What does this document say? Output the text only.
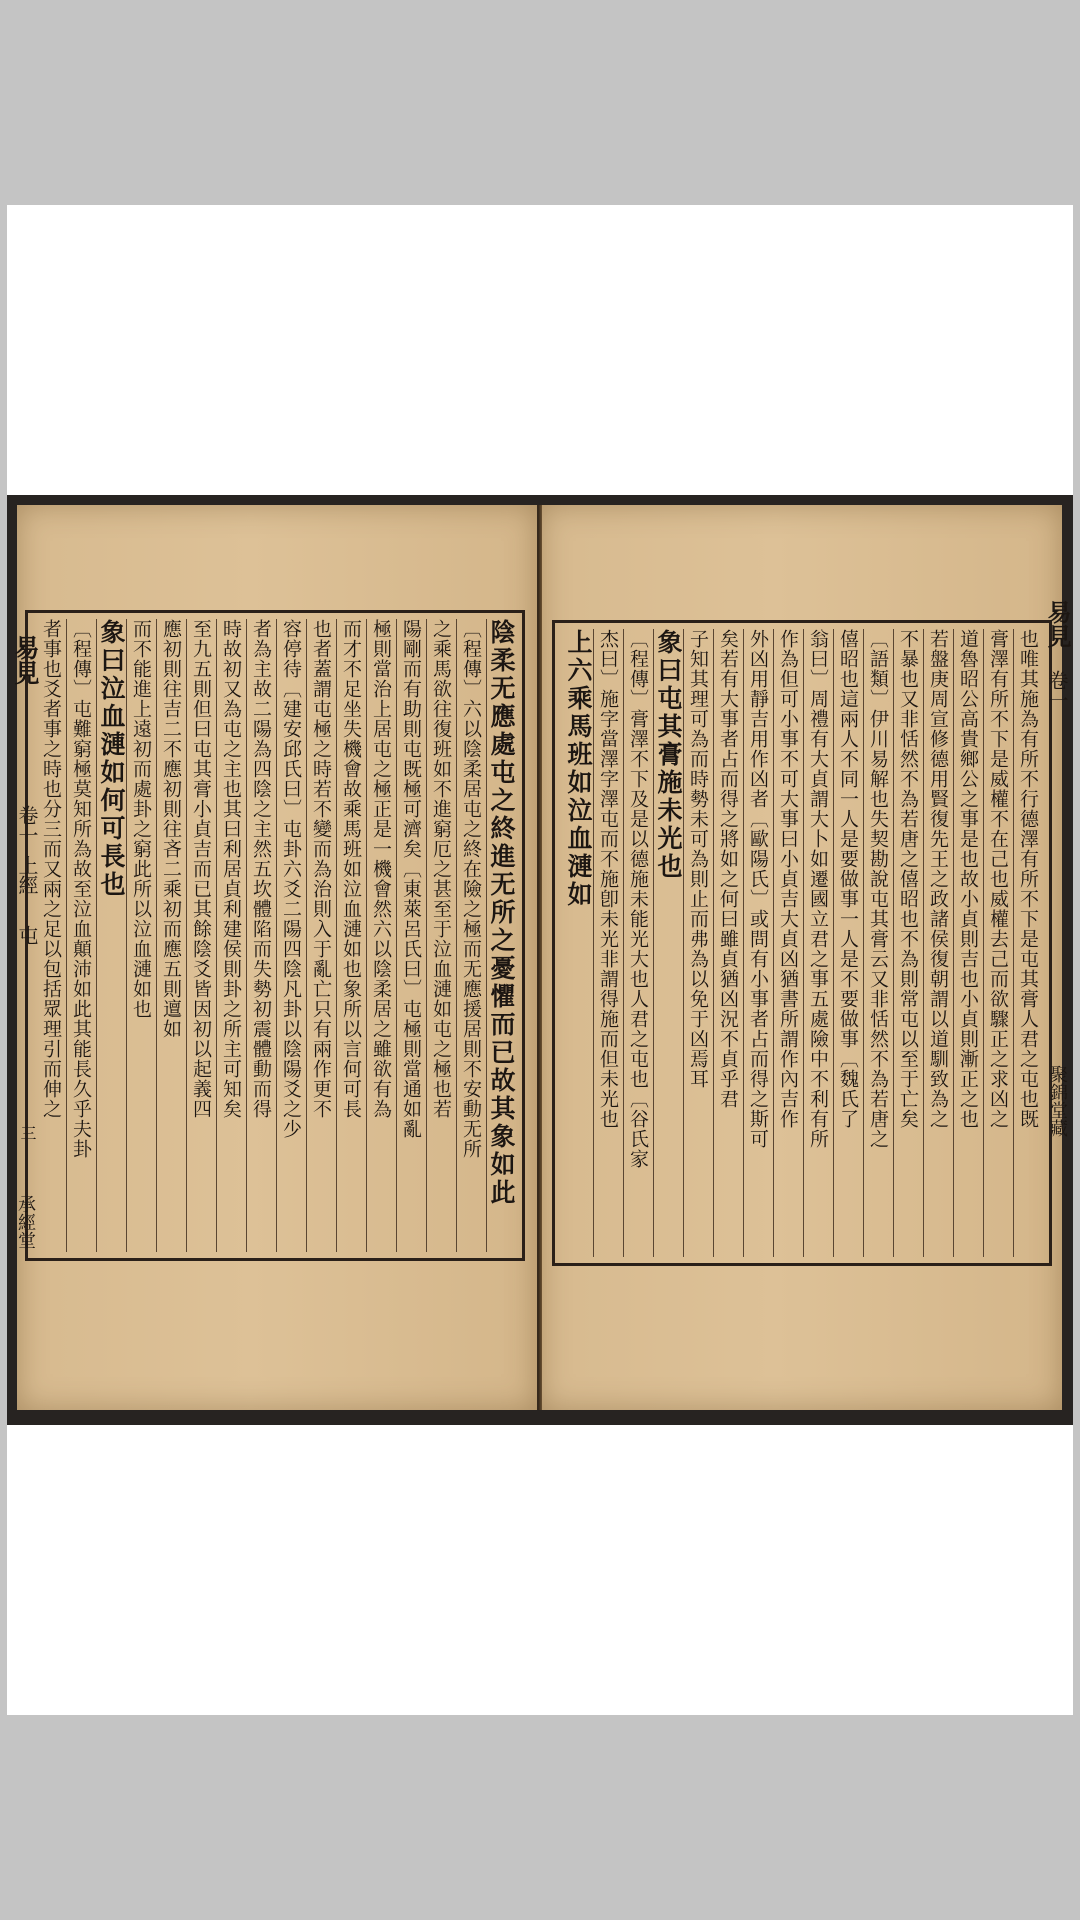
也唯其施為有所不行德澤有所不下是屯其膏人君之屯也既
膏澤有所不下是威權不在己也威權去己而欲驟正之求凶之
道魯昭公高貴鄉公之事是也故小貞則吉也小貞則漸正之也
若盤庚周宣修德用賢復先王之政諸侯復朝謂以道馴致為之
不暴也又非恬然不為若唐之僖昭也不為則常屯以至于亡矣
〔語類〕伊川易解也失契勘說屯其膏云又非恬然不為若唐之
僖昭也這兩人不同一人是要做事一人是不要做事〔魏氏了
翁曰〕周禮有大貞謂大卜如遷國立君之事五處險中不利有所
作為但可小事不可大事曰小貞吉大貞凶猶書所謂作內吉作
外凶用靜吉用作凶者〔歐陽氏〕或問有小事者占而得之斯可
矣若有大事者占而得之將如之何曰雖貞猶凶況不貞乎君
子知其理可為而時勢未可為則止而弗為以免于凶焉耳
象曰屯其膏施未光也
〔程傳〕膏澤不下及是以德施未能光大也人君之屯也〔谷氏家
杰曰〕施字當澤字澤屯而不施卽未光非謂得施而但未光也
上六乘馬班如泣血漣如
易見
卷一
聚錦堂藏
陰柔无應處屯之終進无所之憂懼而已故其象如此
〔程傳〕六以陰柔居屯之終在險之極而无應援居則不安動无所
之乘馬欲往復班如不進窮厄之甚至于泣血漣如屯之極也若
陽剛而有助則屯既極可濟矣〔東萊呂氏曰〕屯極則當通如亂
極則當治上居屯之極正是一機會然六以陰柔居之雖欲有為
而才不足坐失機會故乘馬班如泣血漣如也象所以言何可長
也者蓋謂屯極之時若不變而為治則入于亂亡只有兩作更不
容停待〔建安邱氏曰〕屯卦六爻二陽四陰凡卦以陰陽爻之少
者為主故二陽為四陰之主然五坎體陷而失勢初震體動而得
時故初又為屯之主也其曰利居貞利建侯則卦之所主可知矣
至九五則但曰屯其膏小貞吉而已其餘陰爻皆因初以起義四
應初則往吉二不應初則往吝二乘初而應五則邅如
而不能進上遠初而處卦之窮此所以泣血漣如也
象曰泣血漣如何可長也
〔程傳〕屯難窮極莫知所為故至泣血顛沛如此其能長久乎夫卦
者事也爻者事之時也分三而又兩之足以包括眾理引而伸之
易見
卷一
上經
屯
三
承經堂
